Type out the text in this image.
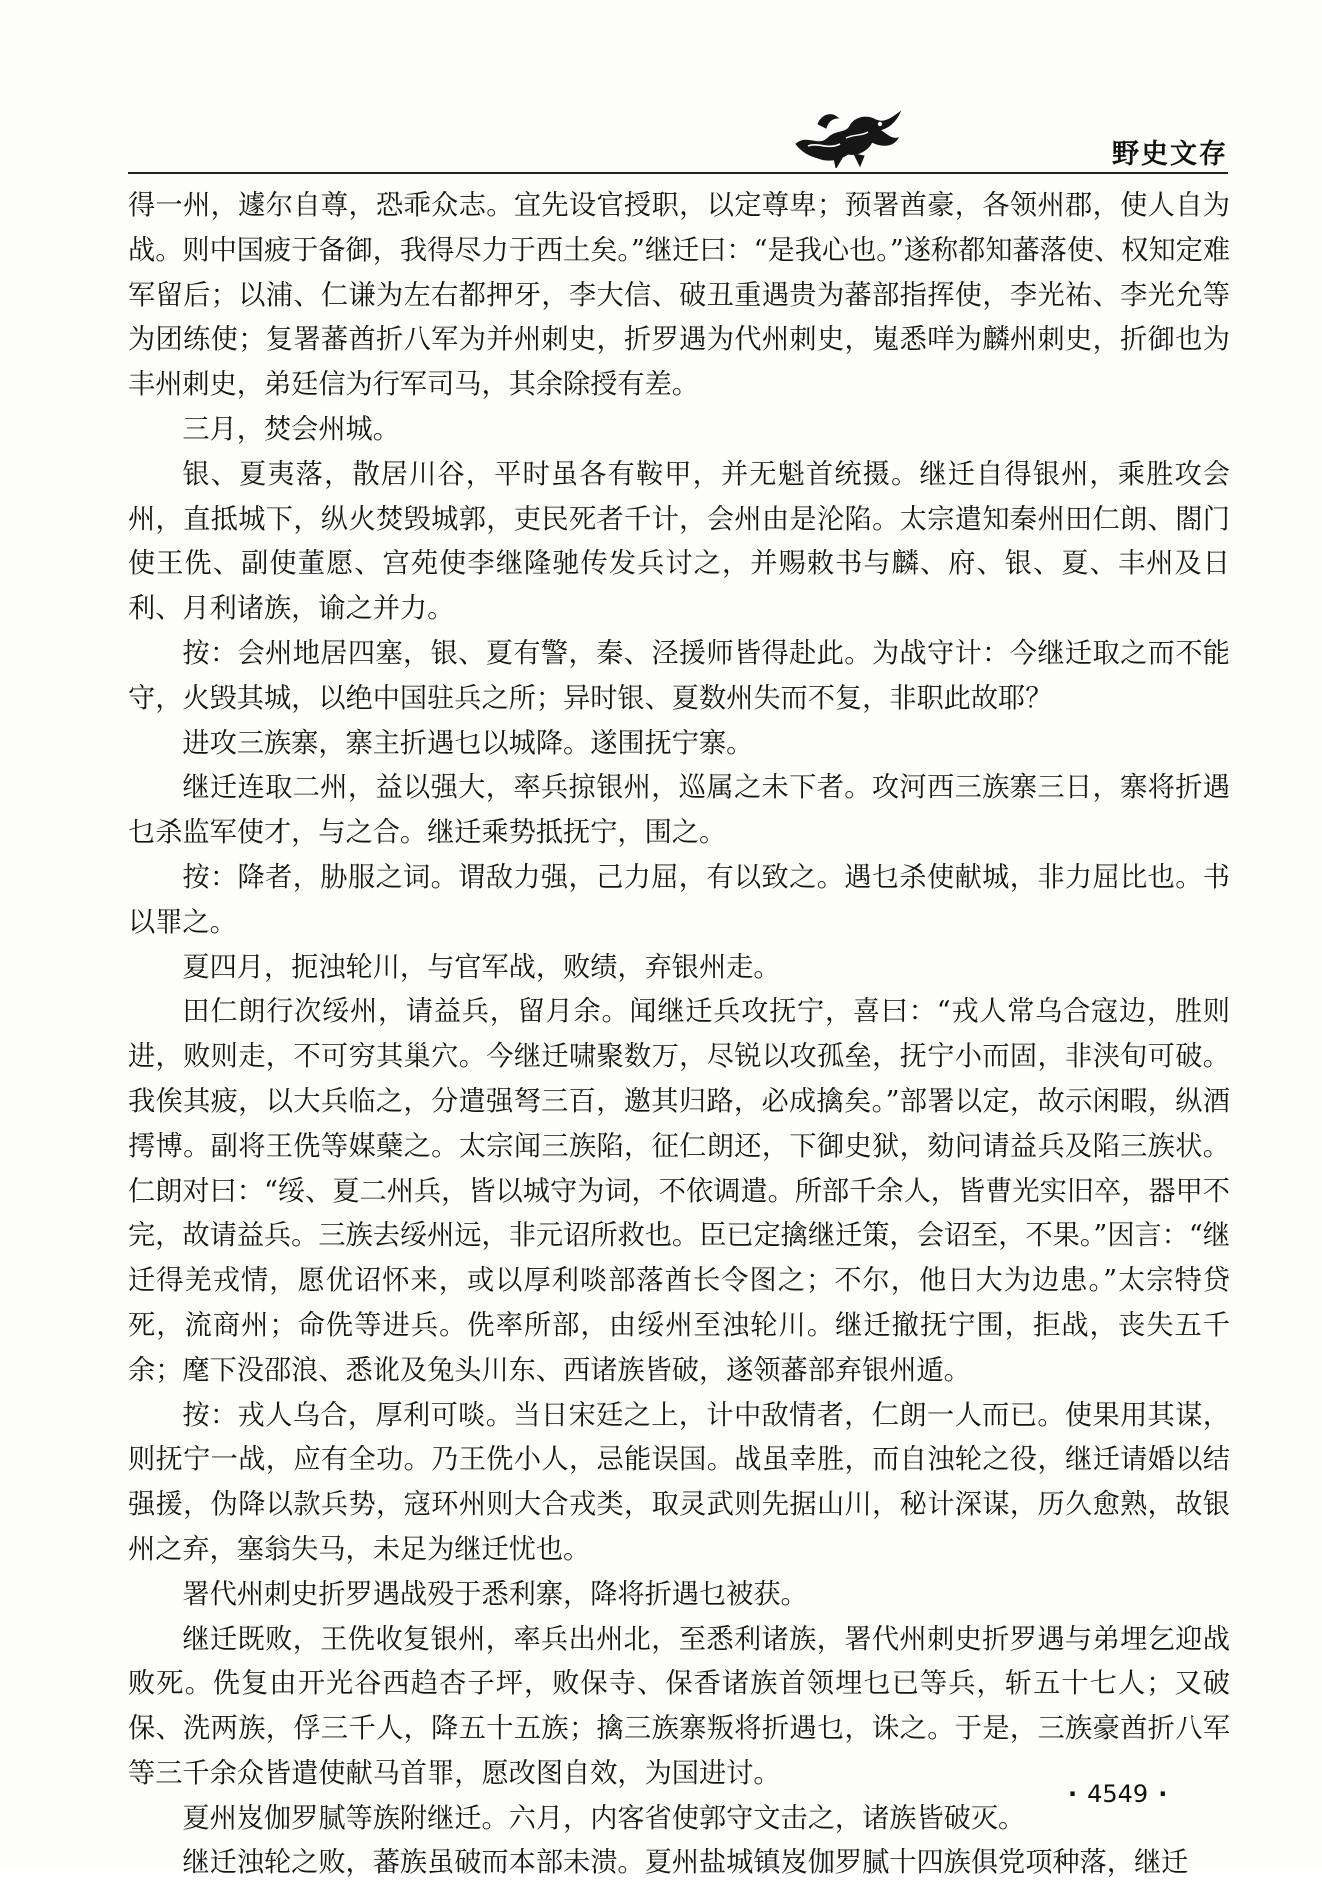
野史文存

得一州，遽尔自尊，恐乖众志。宜先设官授职，以定尊卑；预署酋豪，各领州郡，使人自为战。则中国疲于备御，我得尽力于西土矣。”继迁曰：“是我心也。”遂称都知蕃落使、权知定难军留后；以浦、仁谦为左右都押牙，李大信、破丑重遇贵为蕃部指挥使，李光祐、李光允等为团练使；复署蕃酋折八军为并州刺史，折罗遇为代州刺史，嵬悉咩为麟州刺史，折御也为丰州刺史，弟廷信为行军司马，其余除授有差。

三月，焚会州城。

银、夏夷落，散居川谷，平时虽各有鞍甲，并无魁首统摄。继迁自得银州，乘胜攻会州，直抵城下，纵火焚毁城郭，吏民死者千计，会州由是沦陷。太宗遣知秦州田仁朗、閤门使王侁、副使董愿、宫苑使李继隆驰传发兵讨之，并赐敕书与麟、府、银、夏、丰州及日利、月利诸族，谕之并力。

按：会州地居四塞，银、夏有警，秦、泾援师皆得赴此。为战守计：今继迁取之而不能守，火毁其城，以绝中国驻兵之所；异时银、夏数州失而不复，非职此故耶？

进攻三族寨，寨主折遇乜以城降。遂围抚宁寨。

继迁连取二州，益以强大，率兵掠银州，巡属之未下者。攻河西三族寨三日，寨将折遇乜杀监军使才，与之合。继迁乘势抵抚宁，围之。

按：降者，胁服之词。谓敌力强，己力屈，有以致之。遇乜杀使献城，非力屈比也。书以罪之。

夏四月，扼浊轮川，与官军战，败绩，弃银州走。

田仁朗行次绥州，请益兵，留月余。闻继迁兵攻抚宁，喜曰：“戎人常乌合寇边，胜则进，败则走，不可穷其巢穴。今继迁啸聚数万，尽锐以攻孤垒，抚宁小而固，非浃旬可破。我俟其疲，以大兵临之，分遣强弩三百，邀其归路，必成擒矣。”部署以定，故示闲暇，纵酒摴博。副将王侁等媒蘖之。太宗闻三族陷，征仁朗还，下御史狱，劾问请益兵及陷三族状。仁朗对曰：“绥、夏二州兵，皆以城守为词，不依调遣。所部千余人，皆曹光实旧卒，器甲不完，故请益兵。三族去绥州远，非元诏所救也。臣已定擒继迁策，会诏至，不果。”因言：“继迁得羌戎情，愿优诏怀来，或以厚利啖部落酋长令图之；不尔，他日大为边患。”太宗特贷死，流商州；命侁等进兵。侁率所部，由绥州至浊轮川。继迁撤抚宁围，拒战，丧失五千余；麾下没邵浪、悉讹及兔头川东、西诸族皆破，遂领蕃部弃银州遁。

按：戎人乌合，厚利可啖。当日宋廷之上，计中敌情者，仁朗一人而已。使果用其谋，则抚宁一战，应有全功。乃王侁小人，忌能误国。战虽幸胜，而自浊轮之役，继迁请婚以结强援，伪降以款兵势，寇环州则大合戎类，取灵武则先据山川，秘计深谋，历久愈熟，故银州之弃，塞翁失马，未足为继迁忧也。

署代州刺史折罗遇战殁于悉利寨，降将折遇乜被获。

继迁既败，王侁收复银州，率兵出州北，至悉利诸族，署代州刺史折罗遇与弟埋乞迎战败死。侁复由开光谷西趋杏子坪，败保寺、保香诸族首领埋乜已等兵，斩五十七人；又破保、洗两族，俘三千人，降五十五族；擒三族寨叛将折遇乜，诛之。于是，三族豪酋折八军等三千余众皆遣使献马首罪，愿改图自效，为国进讨。

夏州岌伽罗腻等族附继迁。六月，内客省使郭守文击之，诸族皆破灭。

继迁浊轮之败，蕃族虽破而本部未溃。夏州盐城镇岌伽罗腻十四族俱党项种落，继迁

· 4549 ·
